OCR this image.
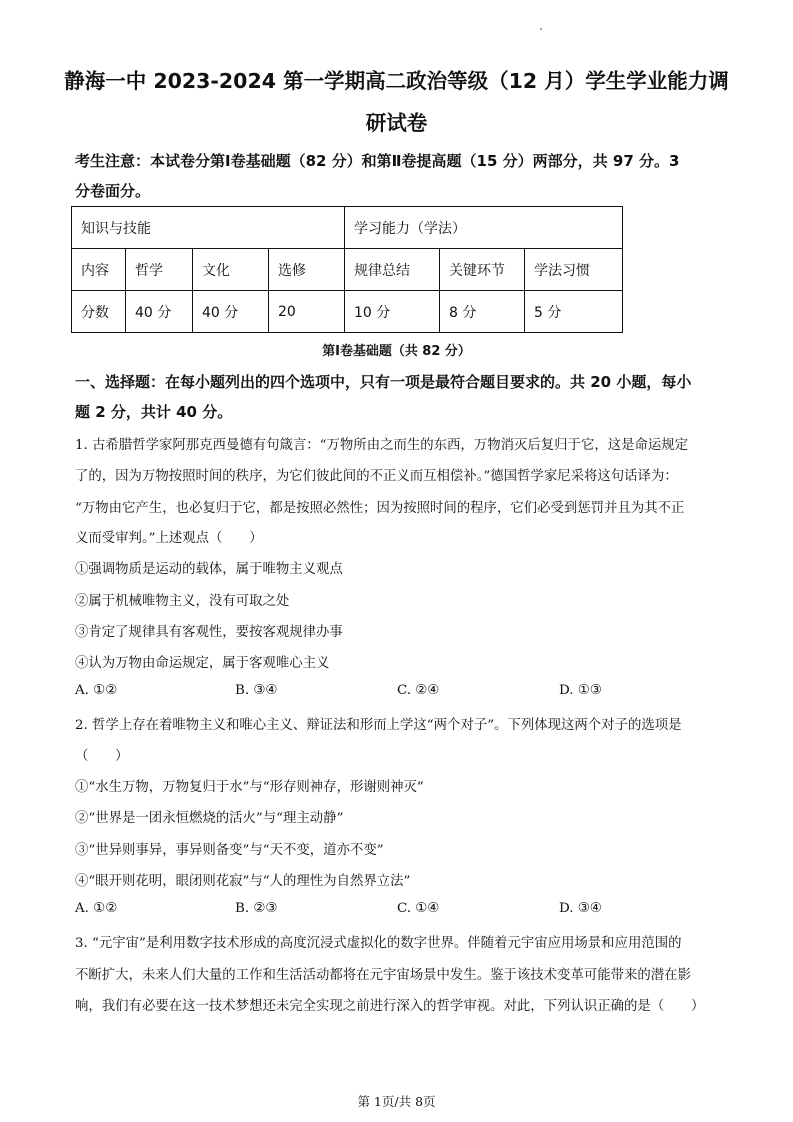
静海一中 2023-2024 第一学期高二政治等级（12 月）学生学业能力调
研试卷
考生注意：本试卷分第Ⅰ卷基础题（82 分）和第Ⅱ卷提高题（15 分）两部分，共 97 分。3
分卷面分。
知识与技能				学习能力（学法）		
内容	哲学	文化	选修	规律总结	关键环节	学法习惯
分数	40 分	40 分	20	10 分	8 分	5 分
第Ⅰ卷基础题（共 82 分）
一、选择题：在每小题列出的四个选项中，只有一项是最符合题目要求的。共 20 小题，每小
题 2 分，共计 40 分。
1. 古希腊哲学家阿那克西曼德有句箴言：“万物所由之而生的东西，万物消灭后复归于它，这是命运规定
了的，因为万物按照时间的秩序，为它们彼此间的不正义而互相偿补。”德国哲学家尼采将这句话译为：
“万物由它产生，也必复归于它，都是按照必然性；因为按照时间的程序，它们必受到惩罚并且为其不正
义而受审判。”上述观点（　　）
①强调物质是运动的载体，属于唯物主义观点
②属于机械唯物主义，没有可取之处
③肯定了规律具有客观性，要按客观规律办事
④认为万物由命运规定，属于客观唯心主义
A. ①②	B. ③④	C. ②④	D. ①③
2. 哲学上存在着唯物主义和唯心主义、辩证法和形而上学这“两个对子”。下列体现这两个对子的选项是
（　　）
①“水生万物，万物复归于水”与“形存则神存，形谢则神灭”
②“世界是一团永恒燃烧的活火”与“理主动静”
③“世异则事异，事异则备变”与“天不变，道亦不变”
④“眼开则花明，眼闭则花寂”与“人的理性为自然界立法”
A. ①②	B. ②③	C. ①④	D. ③④
3. “元宇宙”是利用数字技术形成的高度沉浸式虚拟化的数字世界。伴随着元宇宙应用场景和应用范围的
不断扩大，未来人们大量的工作和生活活动都将在元宇宙场景中发生。鉴于该技术变革可能带来的潜在影
响，我们有必要在这一技术梦想还未完全实现之前进行深入的哲学审视。对此，下列认识正确的是（　　）
第 1页/共 8页
